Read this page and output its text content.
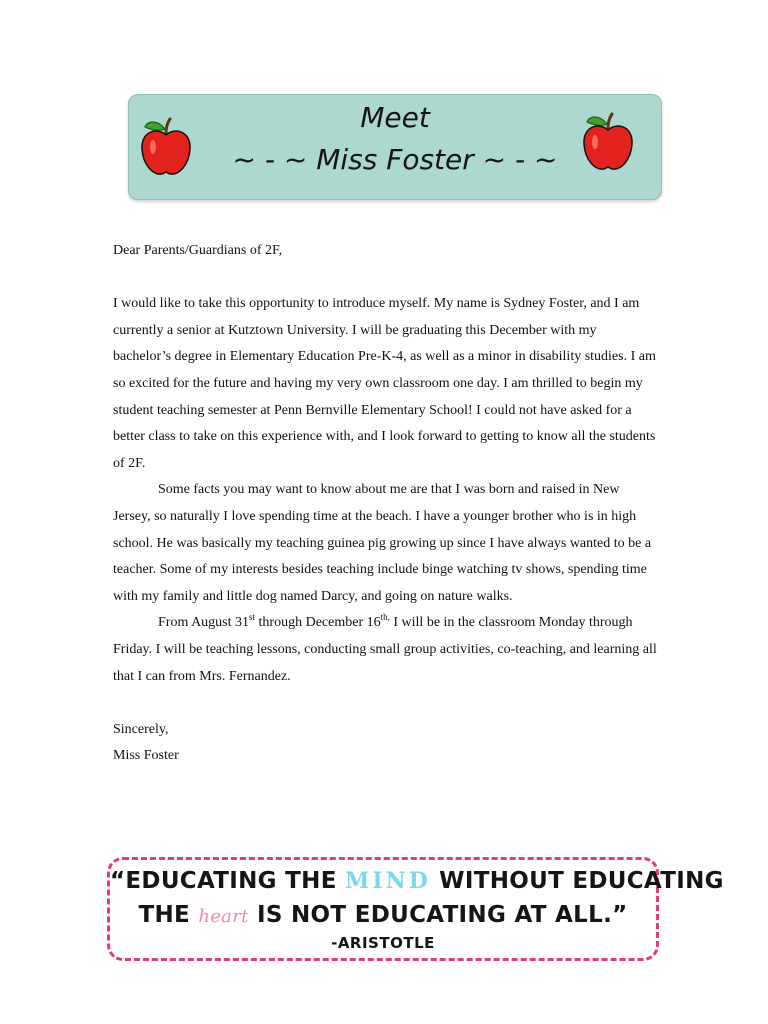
Meet
~ - ~ Miss Foster ~ - ~

Dear Parents/Guardians of 2F,

I would like to take this opportunity to introduce myself. My name is Sydney Foster, and I am currently a senior at Kutztown University. I will be graduating this December with my bachelor’s degree in Elementary Education Pre-K-4, as well as a minor in disability studies. I am so excited for the future and having my very own classroom one day. I am thrilled to begin my student teaching semester at Penn Bernville Elementary School! I could not have asked for a better class to take on this experience with, and I look forward to getting to know all the students of 2F.

Some facts you may want to know about me are that I was born and raised in New Jersey, so naturally I love spending time at the beach. I have a younger brother who is in high school. He was basically my teaching guinea pig growing up since I have always wanted to be a teacher. Some of my interests besides teaching include binge watching tv shows, spending time with my family and little dog named Darcy, and going on nature walks.

From August 31st through December $16^{th,}$ I will be in the classroom Monday through Friday. I will be teaching lessons, conducting small group activities, co-teaching, and learning all that I can from Mrs. Fernandez.

Sincerely,

Miss Foster

“EDUCATING THE MIND WITHOUT EDUCATING
THE heart IS NOT EDUCATING AT ALL.”
-ARISTOTLE
